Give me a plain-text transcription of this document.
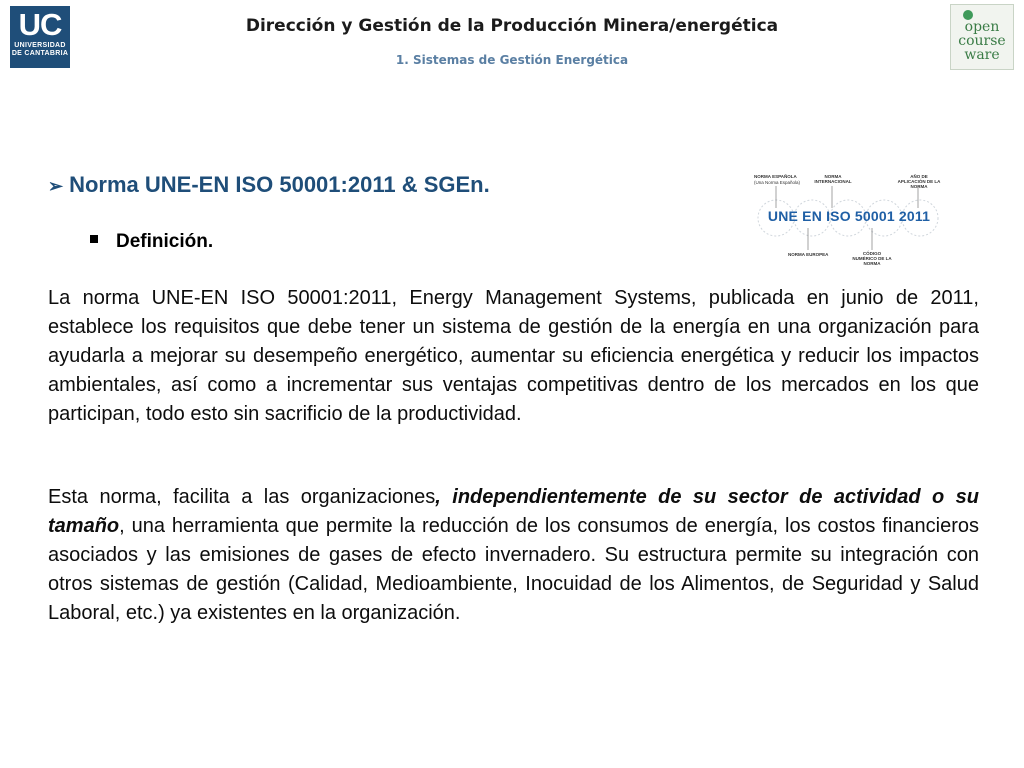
UC
UNIVERSIDAD
DE CANTABRIA
Dirección y Gestión de la Producción Minera/energética
1. Sistemas de Gestión Energética
open
course
ware
➢ Norma UNE-EN ISO 50001:2011 & SGEn.
Definición.
La norma UNE-EN ISO 50001:2011, Energy Management Systems, publicada en junio de 2011, establece los requisitos que debe tener un sistema de gestión de la energía en una organización para ayudarla a mejorar su desempeño energético, aumentar su eficiencia energética y reducir los impactos ambientales, así como a incrementar sus ventajas competitivas dentro de los mercados en los que participan, todo esto sin sacrificio de la productividad.
Esta norma, facilita a las organizaciones, independientemente de su sector de actividad o su tamaño, una herramienta que permite la reducción de los consumos de energía, los costos financieros asociados y las emisiones de gases de efecto invernadero. Su estructura permite su integración con otros sistemas de gestión (Calidad, Medioambiente, Inocuidad de los Alimentos, de Seguridad y Salud Laboral, etc.) ya existentes en la organización.
NORMA ESPAÑOLA
(Una Norma Española)
NORMA INTERNACIONAL
AÑO DE APLICACIÓN DE LA NORMA
UNE EN ISO 50001 2011
NORMA EUROPEA	CÓDIGO NUMÉRICO DE LA NORMA
